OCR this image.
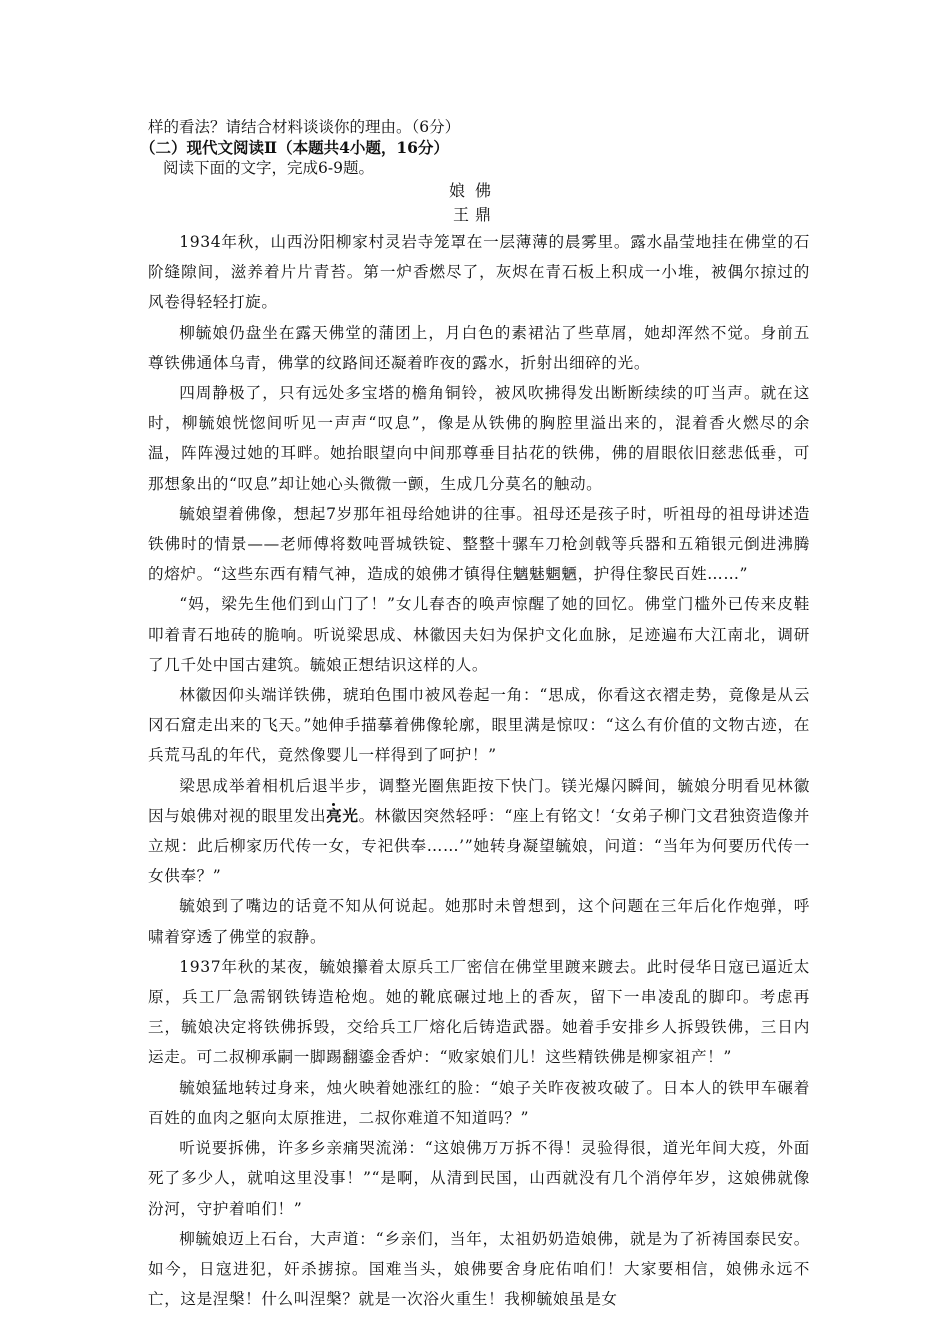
样的看法？请结合材料谈谈你的理由。（6分）
（二）现代文阅读Ⅱ（本题共4小题，16分）
阅读下面的文字，完成6-9题。
娘佛
王鼎

1934年秋，山西汾阳柳家村灵岩寺笼罩在一层薄薄的晨雾里。露水晶莹地挂在佛堂的石阶缝隙间，滋养着片片青苔。第一炉香燃尽了，灰烬在青石板上积成一小堆，被偶尔掠过的风卷得轻轻打旋。

柳毓娘仍盘坐在露天佛堂的蒲团上，月白色的素裙沾了些草屑，她却浑然不觉。身前五尊铁佛通体乌青，佛掌的纹路间还凝着昨夜的露水，折射出细碎的光。

四周静极了，只有远处多宝塔的檐角铜铃，被风吹拂得发出断断续续的叮当声。就在这时，柳毓娘恍惚间听见一声声“叹息”，像是从铁佛的胸腔里溢出来的，混着香火燃尽的余温，阵阵漫过她的耳畔。她抬眼望向中间那尊垂目拈花的铁佛，佛的眉眼依旧慈悲低垂，可那想象出的“叹息”却让她心头微微一颤，生成几分莫名的触动。

毓娘望着佛像，想起7岁那年祖母给她讲的往事。祖母还是孩子时，听祖母的祖母讲述造铁佛时的情景——老师傅将数吨晋城铁锭、整整十骡车刀枪剑戟等兵器和五箱银元倒进沸腾的熔炉。“这些东西有精气神，造成的娘佛才镇得住魑魅魍魉，护得住黎民百姓……”

“妈，梁先生他们到山门了！”女儿春杏的唤声惊醒了她的回忆。佛堂门槛外已传来皮鞋叩着青石地砖的脆响。听说梁思成、林徽因夫妇为保护文化血脉，足迹遍布大江南北，调研了几千处中国古建筑。毓娘正想结识这样的人。

林徽因仰头端详铁佛，琥珀色围巾被风卷起一角：“思成，你看这衣褶走势，竟像是从云冈石窟走出来的飞天。”她伸手描摹着佛像轮廓，眼里满是惊叹：“这么有价值的文物古迹，在兵荒马乱的年代，竟然像婴儿一样得到了呵护！”

梁思成举着相机后退半步，调整光圈焦距按下快门。镁光爆闪瞬间，毓娘分明看见林徽因与娘佛对视的眼里发出亮光。林徽因突然轻呼：“座上有铭文！‘女弟子柳门文君独资造像并立规：此后柳家历代传一女，专祀供奉……’”她转身凝望毓娘，问道：“当年为何要历代传一女供奉？”

毓娘到了嘴边的话竟不知从何说起。她那时未曾想到，这个问题在三年后化作炮弹，呼啸着穿透了佛堂的寂静。

1937年秋的某夜，毓娘攥着太原兵工厂密信在佛堂里踱来踱去。此时侵华日寇已逼近太原，兵工厂急需钢铁铸造枪炮。她的靴底碾过地上的香灰，留下一串凌乱的脚印。考虑再三，毓娘决定将铁佛拆毁，交给兵工厂熔化后铸造武器。她着手安排乡人拆毁铁佛，三日内运走。可二叔柳承嗣一脚踢翻鎏金香炉：“败家娘们儿！这些精铁佛是柳家祖产！”

毓娘猛地转过身来，烛火映着她涨红的脸：“娘子关昨夜被攻破了。日本人的铁甲车碾着百姓的血肉之躯向太原推进，二叔你难道不知道吗？”

听说要拆佛，许多乡亲痛哭流涕：“这娘佛万万拆不得！灵验得很，道光年间大疫，外面死了多少人，就咱这里没事！”“是啊，从清到民国，山西就没有几个消停年岁，这娘佛就像汾河，守护着咱们！”

柳毓娘迈上石台，大声道：“乡亲们，当年，太祖奶奶造娘佛，就是为了祈祷国泰民安。如今，日寇进犯，奸杀掳掠。国难当头，娘佛要舍身庇佑咱们！大家要相信，娘佛永远不亡，这是涅槃！什么叫涅槃？就是一次浴火重生！我柳毓娘虽是女
